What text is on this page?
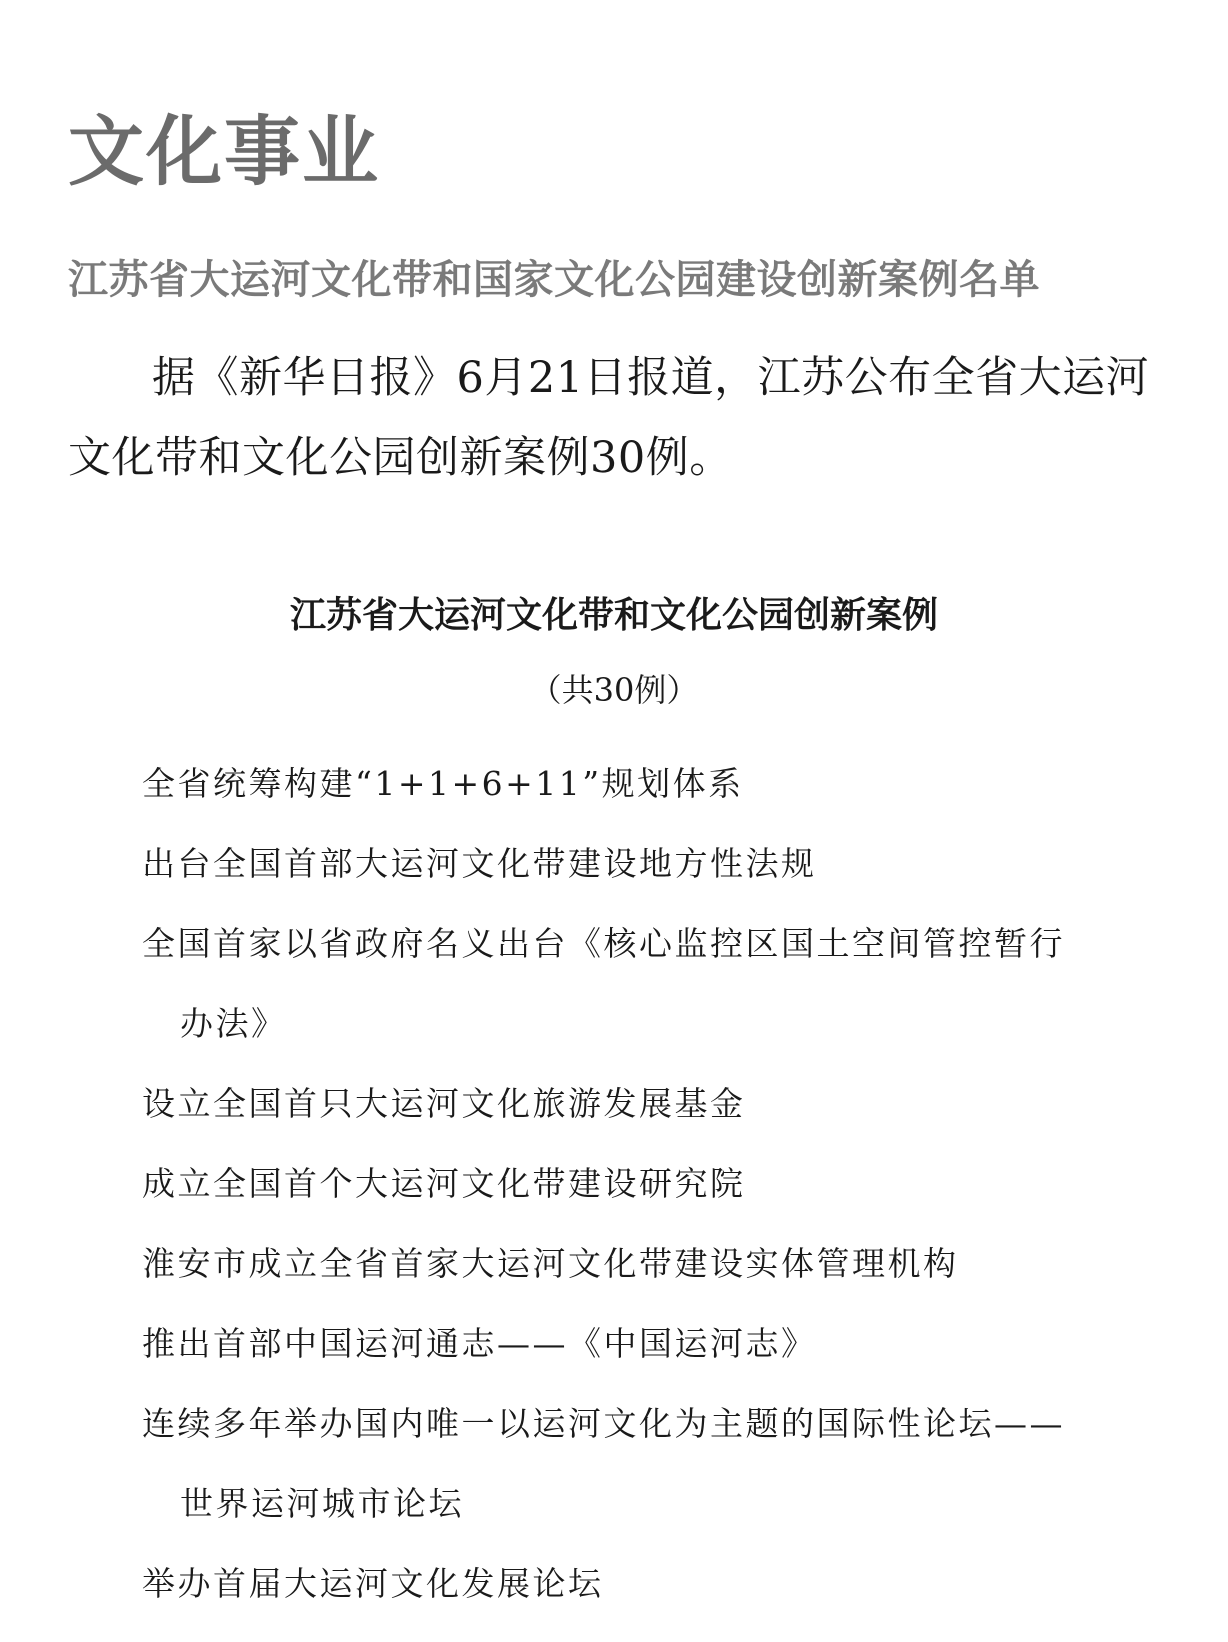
文化事业
江苏省大运河文化带和国家文化公园建设创新案例名单

据《新华日报》6月21日报道，江苏公布全省大运河文化带和文化公园创新案例30例。

江苏省大运河文化带和文化公园创新案例
（共30例）
全省统筹构建“1+1+6+11”规划体系
出台全国首部大运河文化带建设地方性法规
全国首家以省政府名义出台《核心监控区国土空间管控暂行
办法》
设立全国首只大运河文化旅游发展基金
成立全国首个大运河文化带建设研究院
淮安市成立全省首家大运河文化带建设实体管理机构
推出首部中国运河通志——《中国运河志》
连续多年举办国内唯一以运河文化为主题的国际性论坛——
世界运河城市论坛
举办首届大运河文化发展论坛
